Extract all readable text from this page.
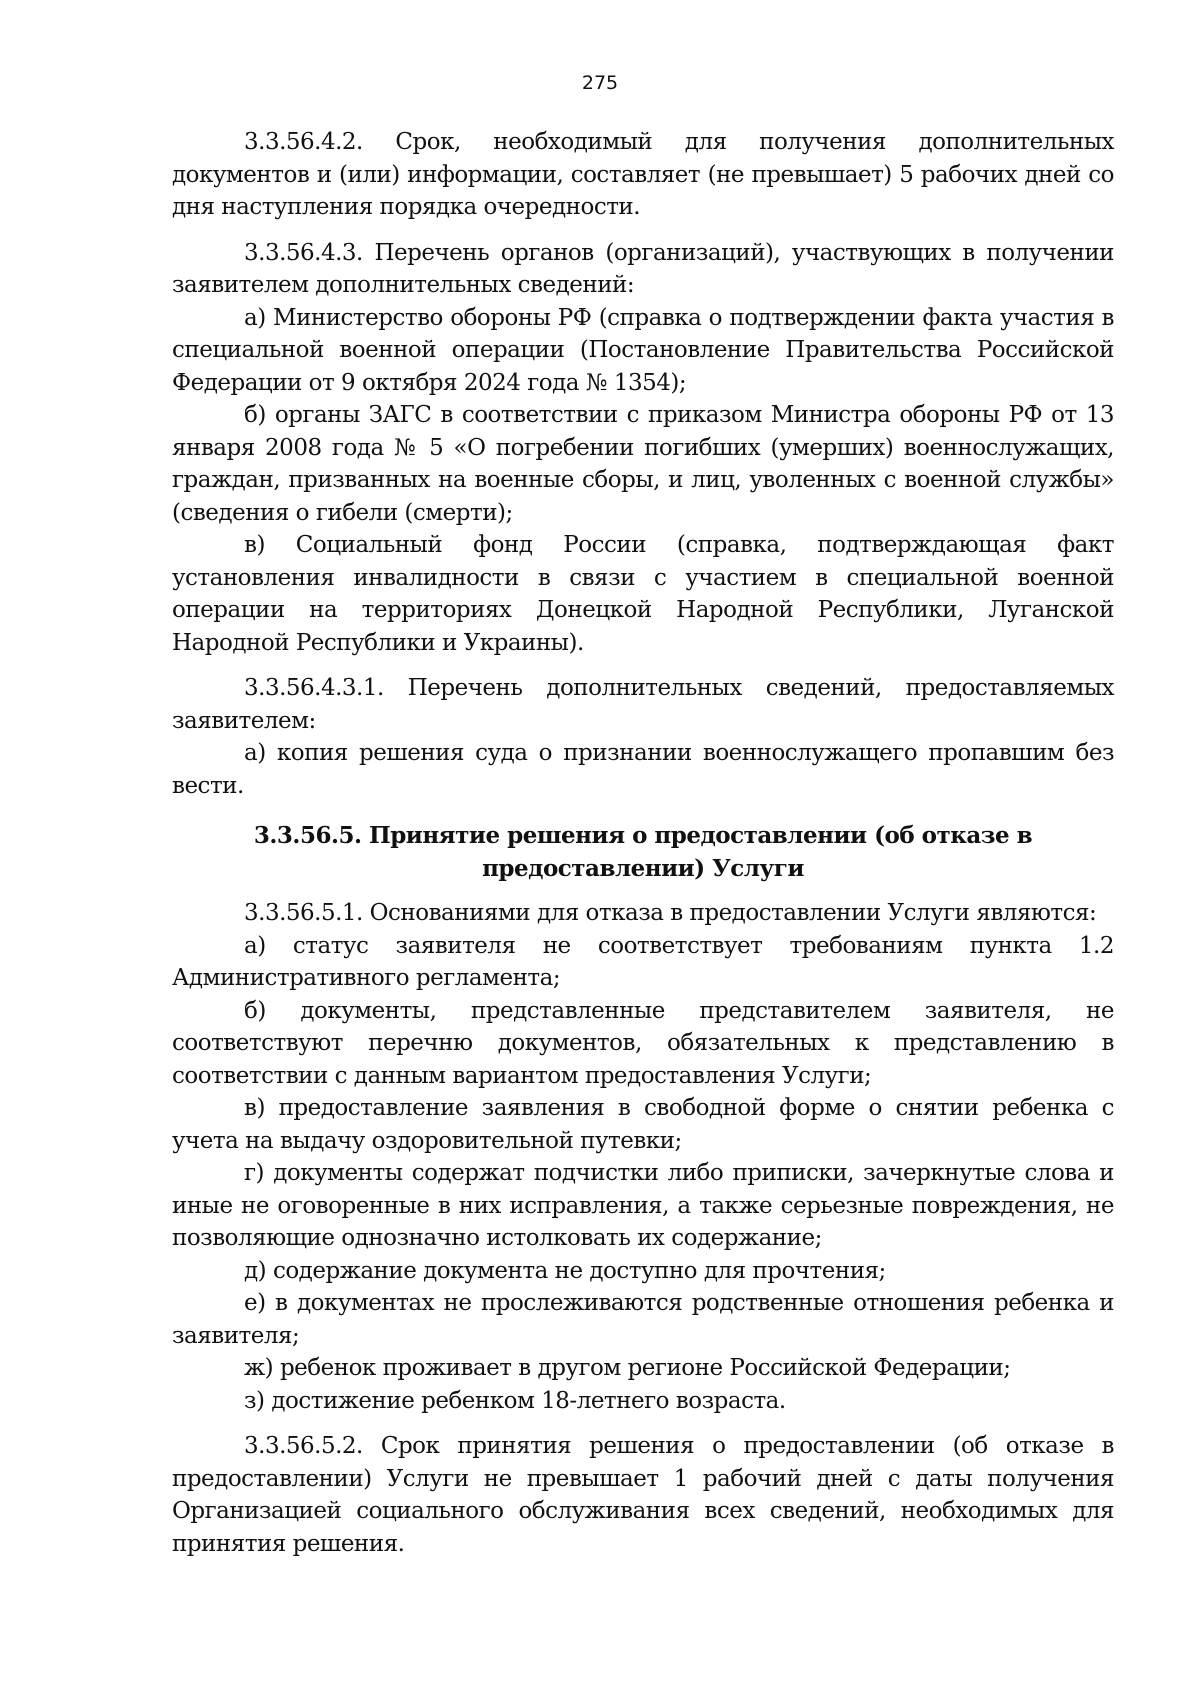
275

3.3.56.4.2. Срок, необходимый для получения дополнительных документов и (или) информации, составляет (не превышает) 5 рабочих дней со дня наступления порядка очередности.

3.3.56.4.3. Перечень органов (организаций), участвующих в получении заявителем дополнительных сведений:

а) Министерство обороны РФ (справка о подтверждении факта участия в специальной военной операции (Постановление Правительства Российской Федерации от 9 октября 2024 года № 1354);

б) органы ЗАГС в соответствии с приказом Министра обороны РФ от 13 января 2008 года № 5 «О погребении погибших (умерших) военнослужащих, граждан, призванных на военные сборы, и лиц, уволенных с военной службы» (сведения о гибели (смерти);

в) Социальный фонд России (справка, подтверждающая факт установления инвалидности в связи с участием в специальной военной операции на территориях Донецкой Народной Республики, Луганской Народной Республики и Украины).

3.3.56.4.3.1. Перечень дополнительных сведений, предоставляемых заявителем:

а) копия решения суда о признании военнослужащего пропавшим без вести.

3.3.56.5. Принятие решения о предоставлении (об отказе в предоставлении) Услуги

3.3.56.5.1. Основаниями для отказа в предоставлении Услуги являются:

а) статус заявителя не соответствует требованиям пункта 1.2 Административного регламента;

б) документы, представленные представителем заявителя, не соответствуют перечню документов, обязательных к представлению в соответствии с данным вариантом предоставления Услуги;

в) предоставление заявления в свободной форме о снятии ребенка с учета на выдачу оздоровительной путевки;

г) документы содержат подчистки либо приписки, зачеркнутые слова и иные не оговоренные в них исправления, а также серьезные повреждения, не позволяющие однозначно истолковать их содержание;

д) содержание документа не доступно для прочтения;

е) в документах не прослеживаются родственные отношения ребенка и заявителя;

ж) ребенок проживает в другом регионе Российской Федерации;

з) достижение ребенком 18-летнего возраста.

3.3.56.5.2. Срок принятия решения о предоставлении (об отказе в предоставлении) Услуги не превышает 1 рабочий дней с даты получения Организацией социального обслуживания всех сведений, необходимых для принятия решения.
